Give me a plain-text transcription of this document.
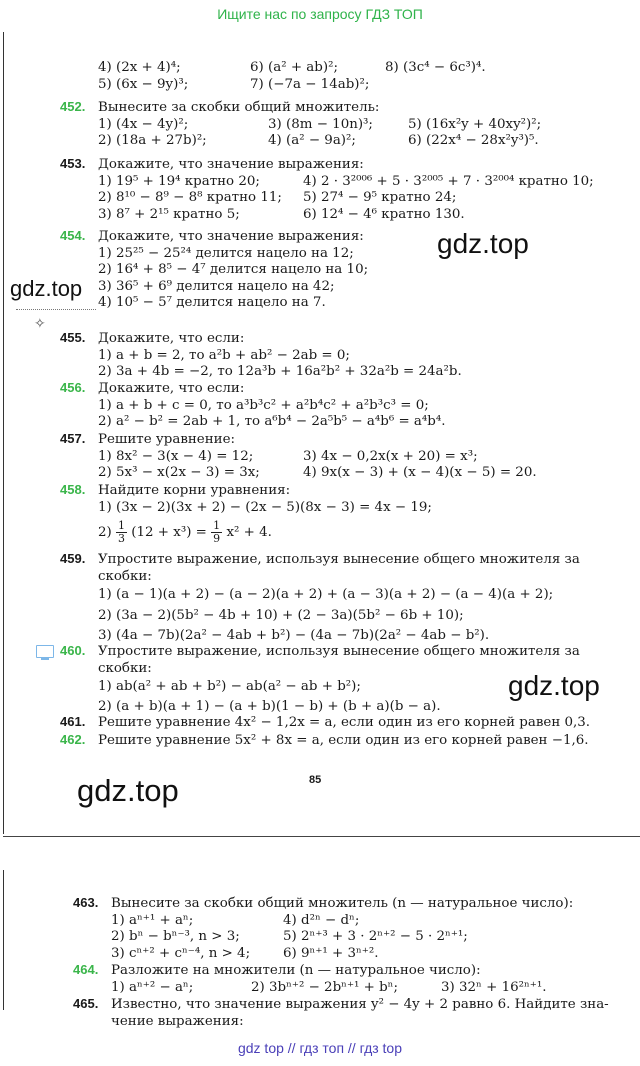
Ищите нас по запросу ГДЗ ТОП
4) (2x + 4)⁴;	6) (a² + ab)²;	8) (3c⁴ − 6c³)⁴.
5) (6x − 9y)³;	7) (−7a − 14ab)²;
452. Вынесите за скобки общий множитель:
1) (4x − 4y)²;	3) (8m − 10n)³;	5) (16x²y + 40xy²)²;
2) (18a + 27b)²;	4) (a² − 9a)²;	6) (22x⁴ − 28x²y³)⁵.
453. Докажите, что значение выражения:
1) 19⁵ + 19⁴ кратно 20;	4) 2 · 3²⁰⁰⁶ + 5 · 3²⁰⁰⁵ + 7 · 3²⁰⁰⁴ кратно 10;
2) 8¹⁰ − 8⁹ − 8⁸ кратно 11; 5) 27⁴ − 9⁵ кратно 24;
3) 8⁷ + 2¹⁵ кратно 5;	6) 12⁴ − 4⁶ кратно 130.
454. Докажите, что значение выражения:
1) 25²⁵ − 25²⁴ делится нацело на 12;
2) 16⁴ + 8⁵ − 4⁷ делится нацело на 10;
3) 36⁵ + 6⁹ делится нацело на 42;
4) 10⁵ − 5⁷ делится нацело на 7.
✧
455. Докажите, что если:
1) a + b = 2, то a²b + ab² − 2ab = 0;
2) 3a + 4b = −2, то 12a³b + 16a²b² + 32a²b = 24a²b.
456. Докажите, что если:
1) a + b + c = 0, то a³b³c² + a²b⁴c² + a²b³c³ = 0;
2) a² − b² = 2ab + 1, то a⁶b⁴ − 2a⁵b⁵ − a⁴b⁶ = a⁴b⁴.
457. Решите уравнение:
1) 8x² − 3(x − 4) = 12;	3) 4x − 0,2x(x + 20) = x³;
2) 5x³ − x(2x − 3) = 3x;	4) 9x(x − 3) + (x − 4)(x − 5) = 20.
458. Найдите корни уравнения:
1) (3x − 2)(3x + 2) − (2x − 5)(8x − 3) = 4x − 19;
$2) \frac{1}{3} (12 + x^3) = \frac{1}{9} x^2 + 4$.
459. Упростите выражение, используя вынесение общего множителя за
скобки:
1) (a − 1)(a + 2) − (a − 2)(a + 2) + (a − 3)(a + 2) − (a − 4)(a + 2);
2) (3a − 2)(5b² − 4b + 10) + (2 − 3a)(5b² − 6b + 10);
3) (4a − 7b)(2a² − 4ab + b²) − (4a − 7b)(2a² − 4ab − b²).
460. Упростите выражение, используя вынесение общего множителя за
скобки:
1) ab(a² + ab + b²) − ab(a² − ab + b²);
2) (a + b)(a + 1) − (a + b)(1 − b) + (b + a)(b − a).
461. Решите уравнение 4x² − 1,2x = a, если один из его корней равен 0,3.
462. Решите уравнение 5x² + 8x = a, если один из его корней равен −1,6.
85
463. Вынесите за скобки общий множитель (n — натуральное число):
1) aⁿ⁺¹ + aⁿ;	4) d²ⁿ − dⁿ;
2) bⁿ − bⁿ⁻³, n > 3;	5) 2ⁿ⁺³ + 3 · 2ⁿ⁺² − 5 · 2ⁿ⁺¹;
3) cⁿ⁺² + cⁿ⁻⁴, n > 4; 6) 9ⁿ⁺¹ + 3ⁿ⁺².
464. Разложите на множители (n — натуральное число):
1) aⁿ⁺² − aⁿ;	2) 3bⁿ⁺² − 2bⁿ⁺¹ + bⁿ;	3) 32ⁿ + 16²ⁿ⁺¹.
465. Известно, что значение выражения y² − 4y + 2 равно 6. Найдите зна-
чение выражения:
gdz.top
gdz.top
gdz.top
gdz.top
gdz top // гдз топ // гдз top
